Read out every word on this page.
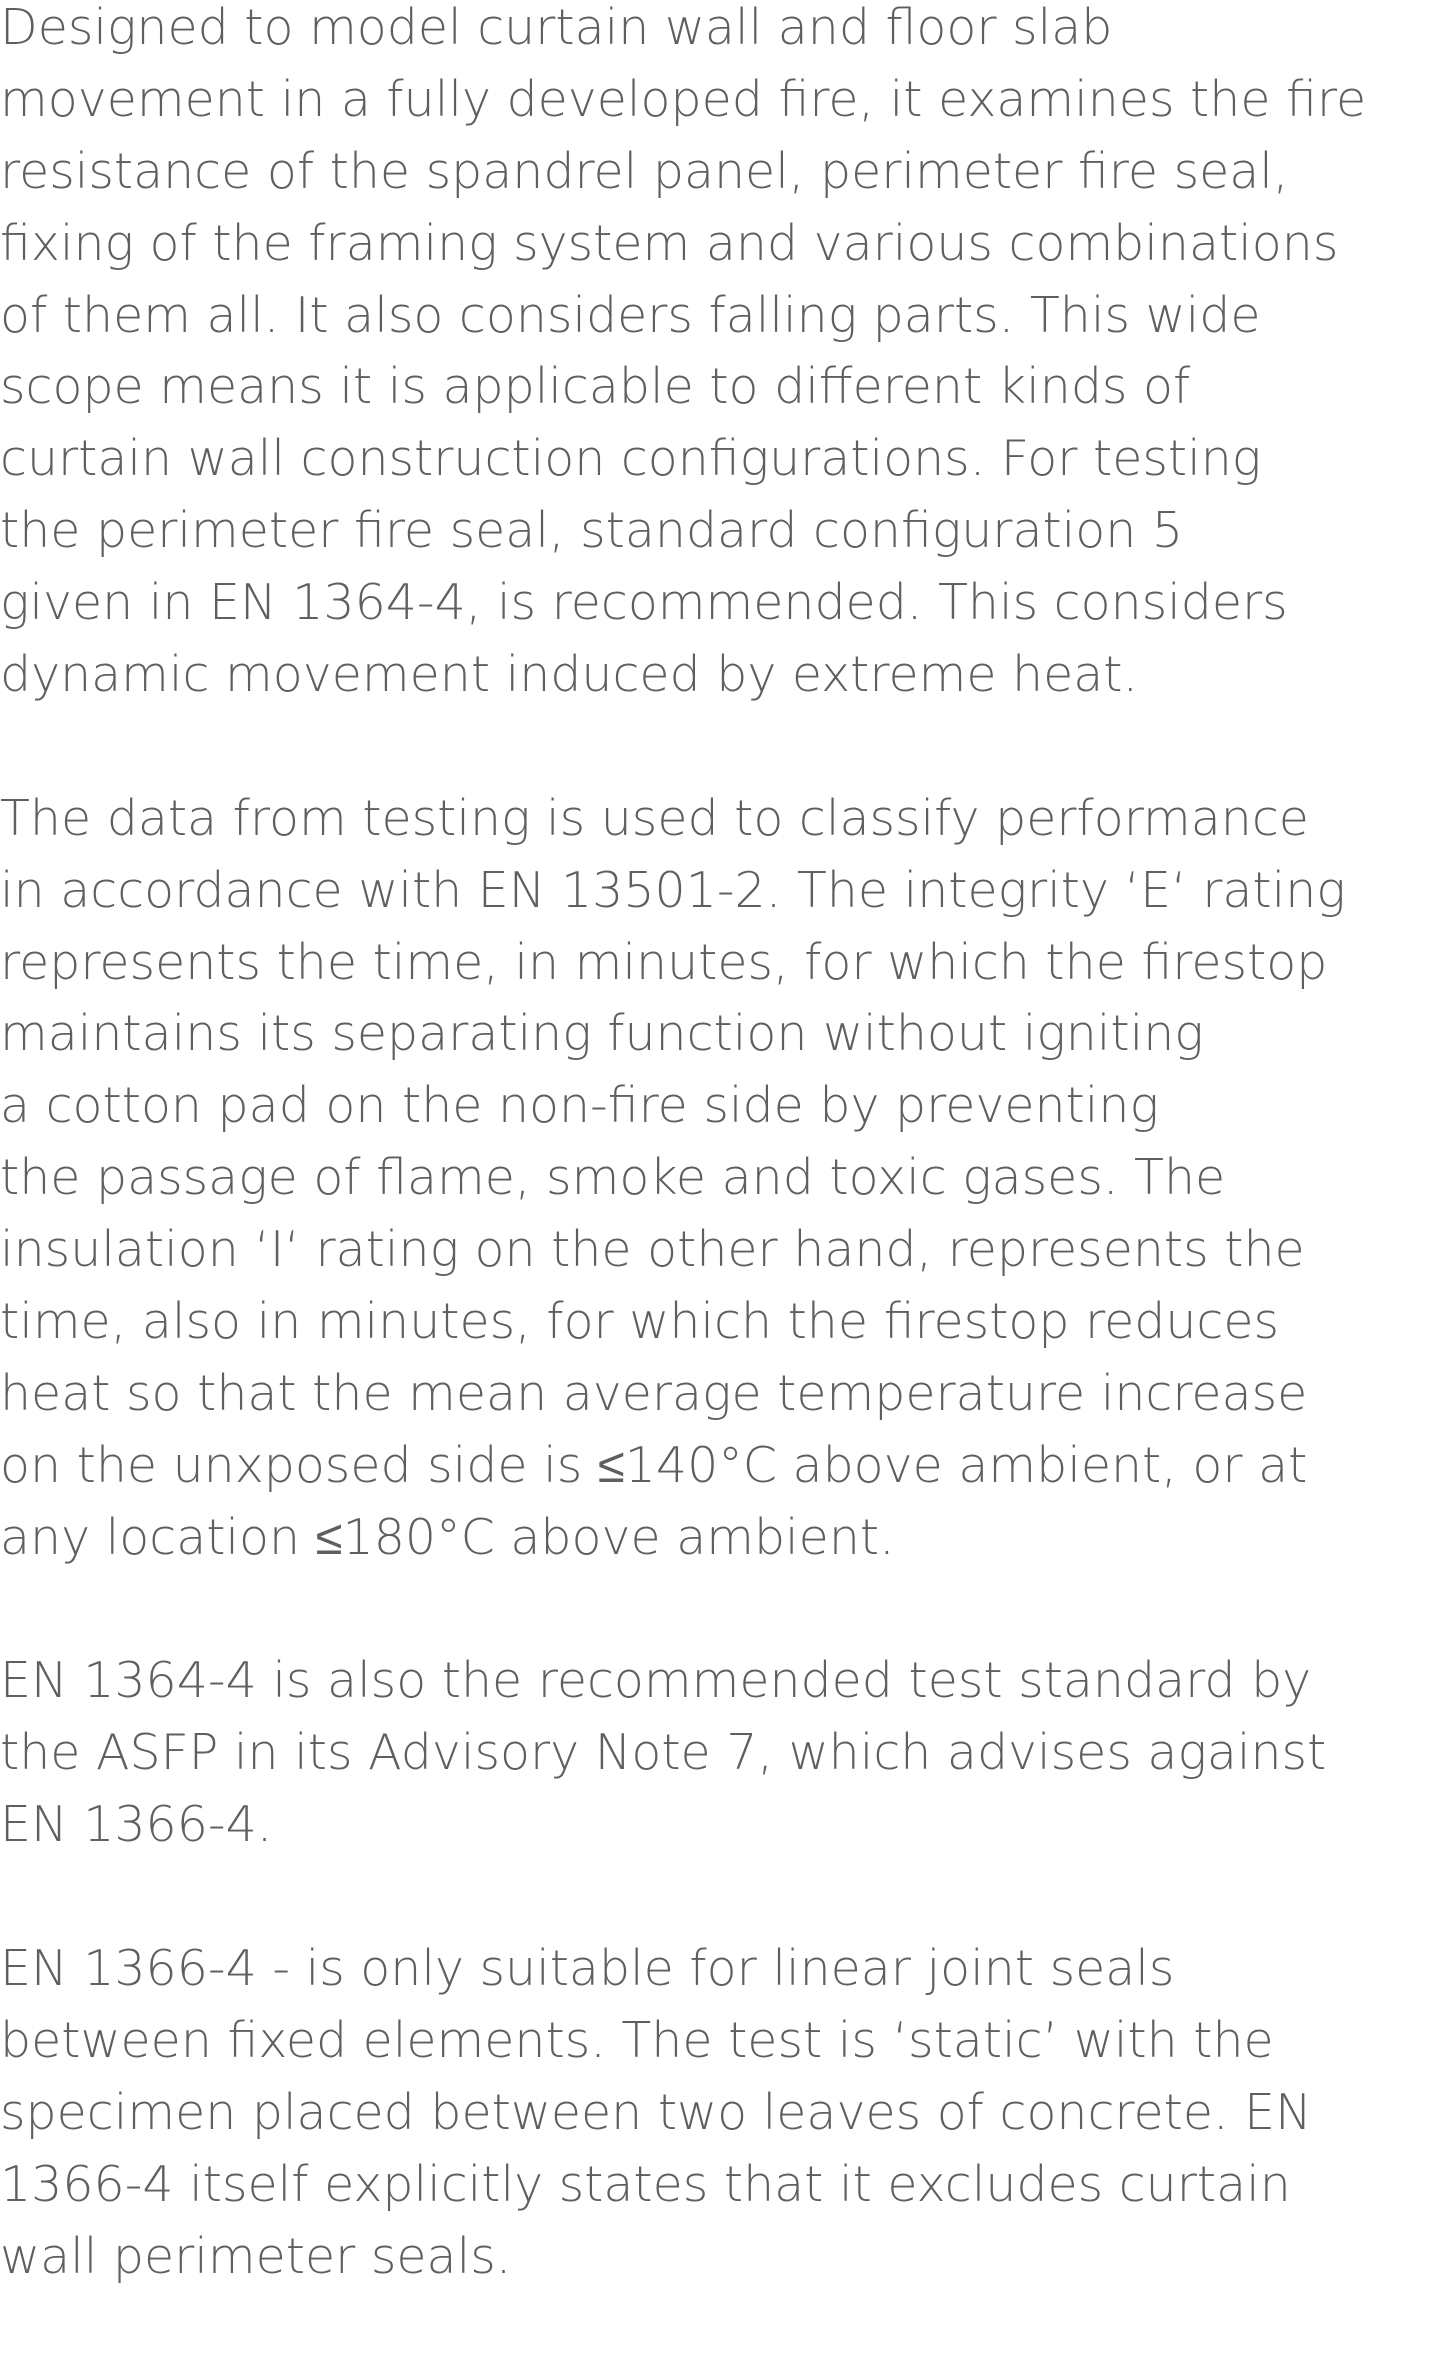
Designed to model curtain wall and floor slab
movement in a fully developed fire, it examines the fire
resistance of the spandrel panel, perimeter fire seal,
fixing of the framing system and various combinations
of them all. It also considers falling parts. This wide
scope means it is applicable to different kinds of
curtain wall construction configurations. For testing
the perimeter fire seal, standard configuration 5
given in EN 1364-4, is recommended. This considers
dynamic movement induced by extreme heat.
The data from testing is used to classify performance
in accordance with EN 13501-2. The integrity ‘E‘ rating
represents the time, in minutes, for which the firestop
maintains its separating function without igniting
a cotton pad on the non-fire side by preventing
the passage of flame, smoke and toxic gases. The
insulation ‘I‘ rating on the other hand, represents the
time, also in minutes, for which the firestop reduces
heat so that the mean average temperature increase
on the unxposed side is ≤140°C above ambient, or at
any location ≤180°C above ambient.
EN 1364-4 is also the recommended test standard by
the ASFP in its Advisory Note 7, which advises against
EN 1366-4.
EN 1366-4 - is only suitable for linear joint seals
between fixed elements. The test is ‘static’ with the
specimen placed between two leaves of concrete. EN
1366-4 itself explicitly states that it excludes curtain
wall perimeter seals.
